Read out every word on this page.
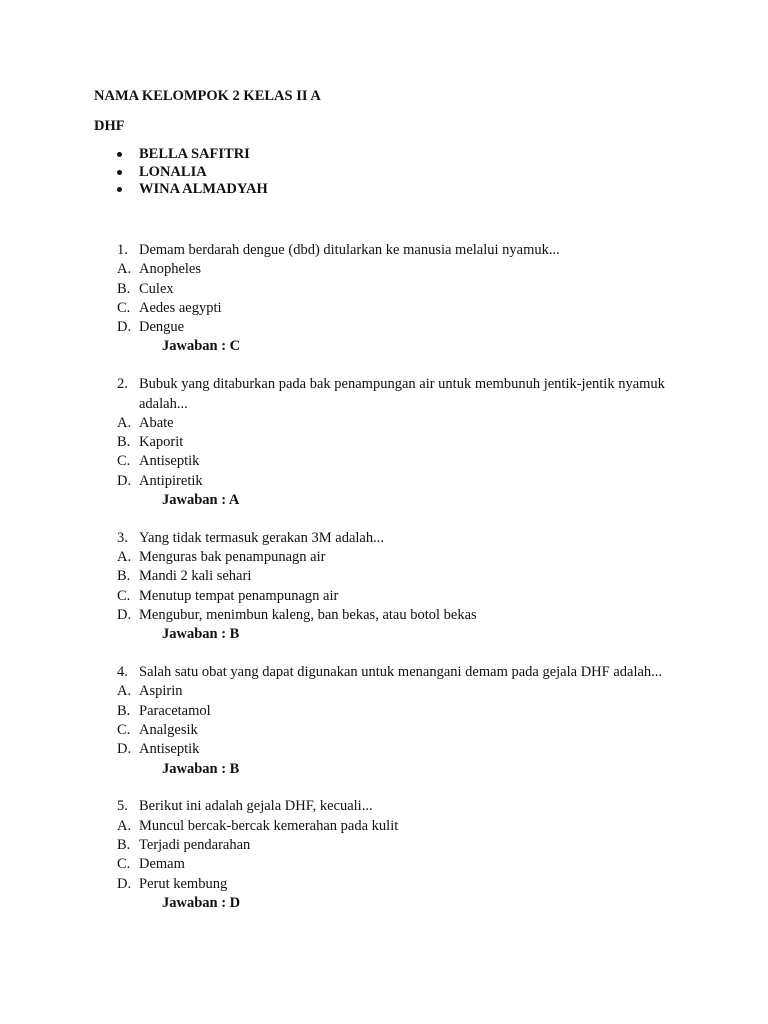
NAMA KELOMPOK 2 KELAS II A

DHF

BELLA SAFITRI
LONALIA
WINA ALMADYAH
1. Demam berdarah dengue (dbd) ditularkan ke manusia melalui nyamuk...
A. Anopheles
B. Culex
C. Aedes aegypti
D. Dengue
Jawaban : C
2. Bubuk yang ditaburkan pada bak penampungan air untuk membunuh jentik-jentik nyamuk adalah...
A. Abate
B. Kaporit
C. Antiseptik
D. Antipiretik
Jawaban : A
3. Yang tidak termasuk gerakan 3M adalah...
A. Menguras bak penampunagn air
B. Mandi 2 kali sehari
C. Menutup tempat penampunagn air
D. Mengubur, menimbun kaleng, ban bekas, atau botol bekas
Jawaban : B
4. Salah satu obat yang dapat digunakan untuk menangani demam pada gejala DHF adalah...
A. Aspirin
B. Paracetamol
C. Analgesik
D. Antiseptik
Jawaban : B
5. Berikut ini adalah gejala DHF, kecuali...
A. Muncul bercak-bercak kemerahan pada kulit
B. Terjadi pendarahan
C. Demam
D. Perut kembung
Jawaban : D
